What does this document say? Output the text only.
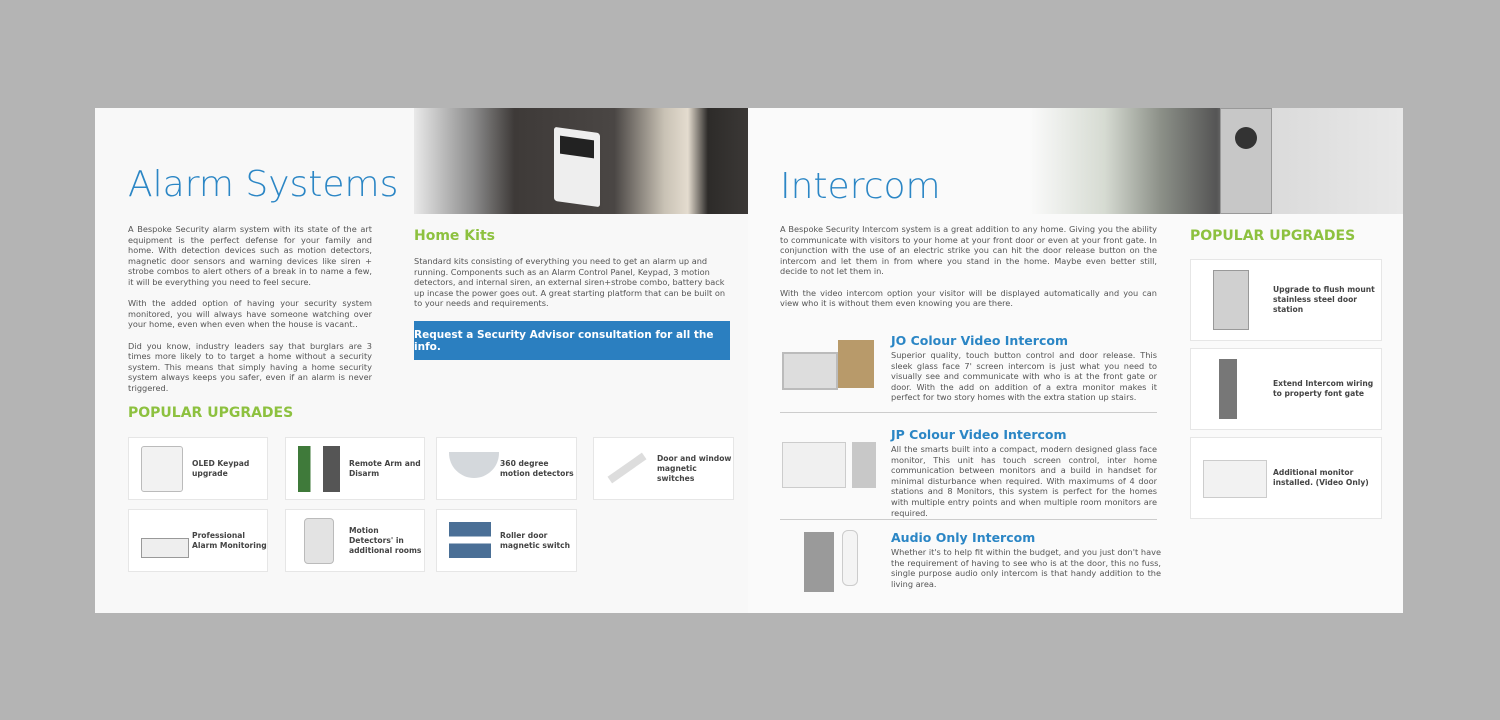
Alarm Systems

A Bespoke Security alarm system with its state of the art equipment is the perfect defense for your family and home. With detection devices such as motion detectors, magnetic door sensors and warning devices like siren + strobe combos to alert others of a break in to name a few, it will be everything you need to feel secure.

With the added option of having your security system monitored, you will always have someone watching over your home, even when even when the house is vacant..

Did you know, industry leaders say that burglars are 3 times more likely to to target a home without a security system. This means that simply having a home security system always keeps you safer, even if an alarm is never triggered.

Home Kits
Standard kits consisting of everything you need to get an alarm up and running. Components such as an Alarm Control Panel, Keypad, 3 motion detectors, and internal siren, an external siren+strobe combo, battery back up incase the power goes out. A great starting platform that can be built on to your needs and requirements.
Request a Security Advisor consultation for all the info.
POPULAR UPGRADES
OLED Keypad upgrade
Remote Arm and Disarm
360 degree motion detectors
Door and window magnetic switches
Professional Alarm Monitoring
Motion Detectors' in additional rooms
Roller door magnetic switch
Intercom

A Bespoke Security Intercom system is a great addition to any home. Giving you the ability to communicate with visitors to your home at your front door or even at your front gate. In conjunction with the use of an electric strike you can hit the door release button on the intercom and let them in from where you stand in the home. Maybe even better still, decide to not let them in.

With the video intercom option your visitor will be displayed automatically and you can view who it is without them even knowing you are there.

JO Colour Video Intercom
Superior quality, touch button control and door release. This sleek glass face 7' screen intercom is just what you need to visually see and communicate with who is at the front gate or door. With the add on addition of a extra monitor makes it perfect for two story homes with the extra station up stairs.
JP Colour Video Intercom
All the smarts built into a compact, modern designed glass face monitor, This unit has touch screen control, inter home communication between monitors and a build in handset for minimal disturbance when required. With maximums of 4 door stations and 8 Monitors, this system is perfect for the homes with multiple entry points and when multiple room monitors are required.
Audio Only Intercom
Whether it's to help fit within the budget, and you just don't have the requirement of having to see who is at the door, this no fuss, single purpose audio only intercom is that handy addition to the living area.
POPULAR UPGRADES
Upgrade to flush mount stainless steel door station
Extend Intercom wiring to property font gate
Additional monitor installed. (Video Only)
